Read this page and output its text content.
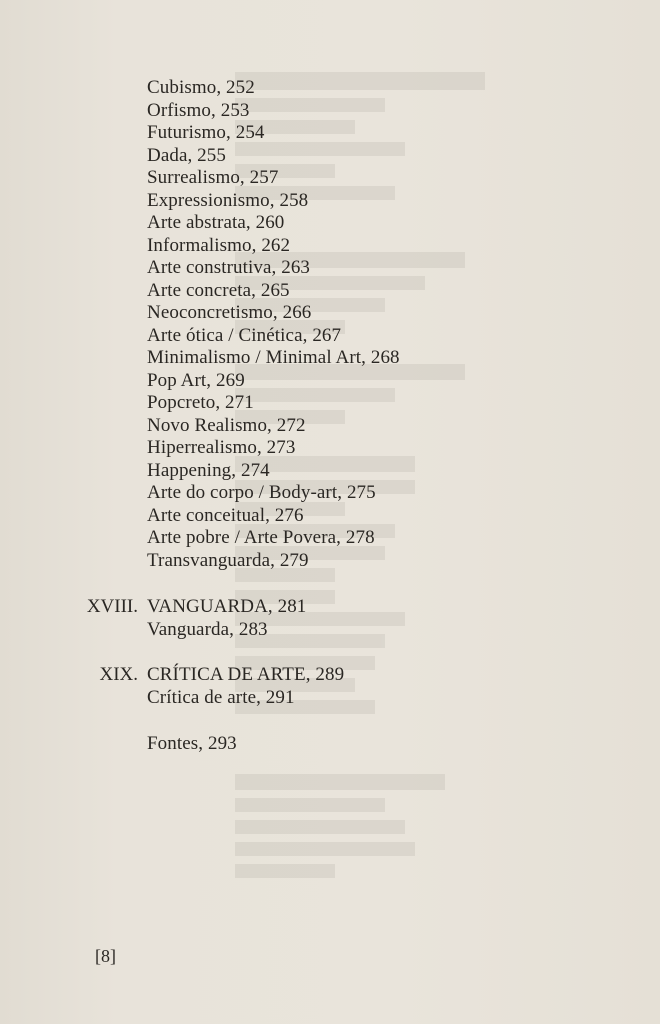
Cubismo, 252
Orfismo, 253
Futurismo, 254
Dada, 255
Surrealismo, 257
Expressionismo, 258
Arte abstrata, 260
Informalismo, 262
Arte construtiva, 263
Arte concreta, 265
Neoconcretismo, 266
Arte ótica / Cinética, 267
Minimalismo / Minimal Art, 268
Pop Art, 269
Popcreto, 271
Novo Realismo, 272
Hiperrealismo, 273
Happening, 274
Arte do corpo / Body-art, 275
Arte conceitual, 276
Arte pobre / Arte Povera, 278
Transvanguarda, 279
XVIII. VANGUARDA, 281
Vanguarda, 283
XIX. CRÍTICA DE ARTE, 289
Crítica de arte, 291
Fontes, 293
[8]
